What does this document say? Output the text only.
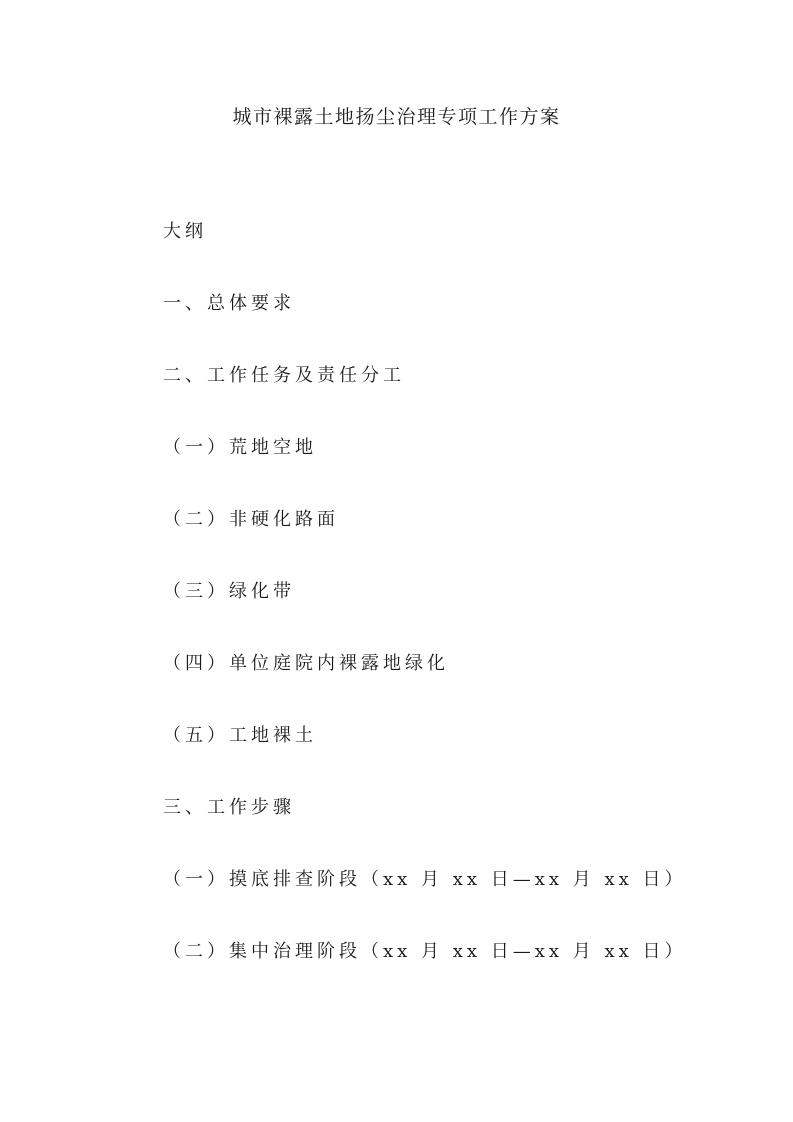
城市裸露土地扬尘治理专项工作方案
大纲
一、总体要求
二、工作任务及责任分工
（一）荒地空地
（二）非硬化路面
（三）绿化带
（四）单位庭院内裸露地绿化
（五）工地裸土
三、工作步骤
（一）摸底排查阶段（xx 月 xx 日—xx 月 xx 日）
（二）集中治理阶段（xx 月 xx 日—xx 月 xx 日）
